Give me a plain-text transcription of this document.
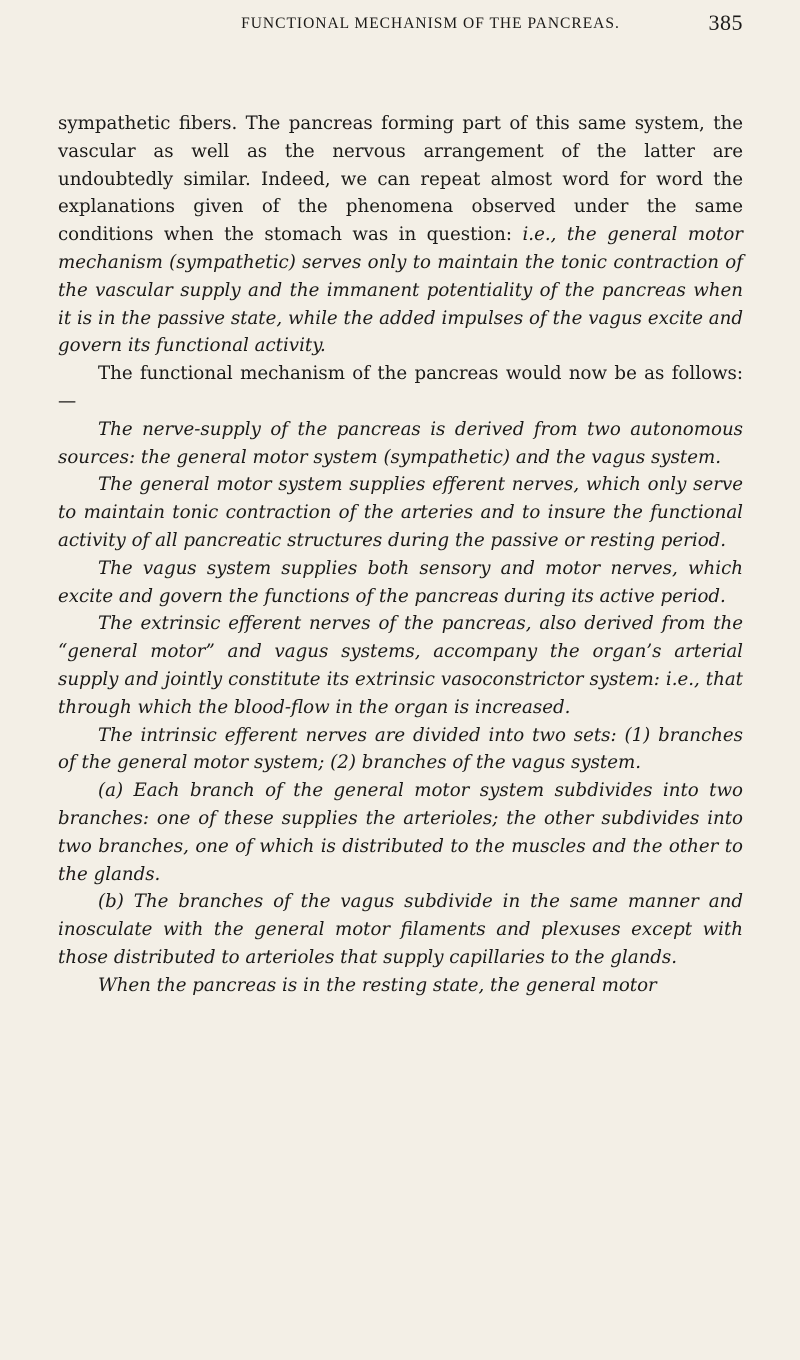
FUNCTIONAL MECHANISM OF THE PANCREAS.	385

sympathetic fibers. The pancreas forming part of this same system, the vascular as well as the nervous arrangement of the latter are undoubtedly similar. Indeed, we can repeat almost word for word the explanations given of the phenomena observed under the same conditions when the stomach was in question: i.e., the general motor mechanism (sympathetic) serves only to maintain the tonic contraction of the vascular supply and the immanent potentiality of the pancreas when it is in the passive state, while the added impulses of the vagus excite and govern its functional activity.

The functional mechanism of the pancreas would now be as follows:—

The nerve-supply of the pancreas is derived from two autonomous sources: the general motor system (sympathetic) and the vagus system.

The general motor system supplies efferent nerves, which only serve to maintain tonic contraction of the arteries and to insure the functional activity of all pancreatic structures during the passive or resting period.

The vagus system supplies both sensory and motor nerves, which excite and govern the functions of the pancreas during its active period.

The extrinsic efferent nerves of the pancreas, also derived from the “general motor” and vagus systems, accompany the organ’s arterial supply and jointly constitute its extrinsic vasoconstrictor system: i.e., that through which the blood-flow in the organ is increased.

The intrinsic efferent nerves are divided into two sets: (1) branches of the general motor system; (2) branches of the vagus system.

(a) Each branch of the general motor system subdivides into two branches: one of these supplies the arterioles; the other subdivides into two branches, one of which is distributed to the muscles and the other to the glands.

(b) The branches of the vagus subdivide in the same manner and inosculate with the general motor filaments and plexuses except with those distributed to arterioles that supply capillaries to the glands.

When the pancreas is in the resting state, the general motor
